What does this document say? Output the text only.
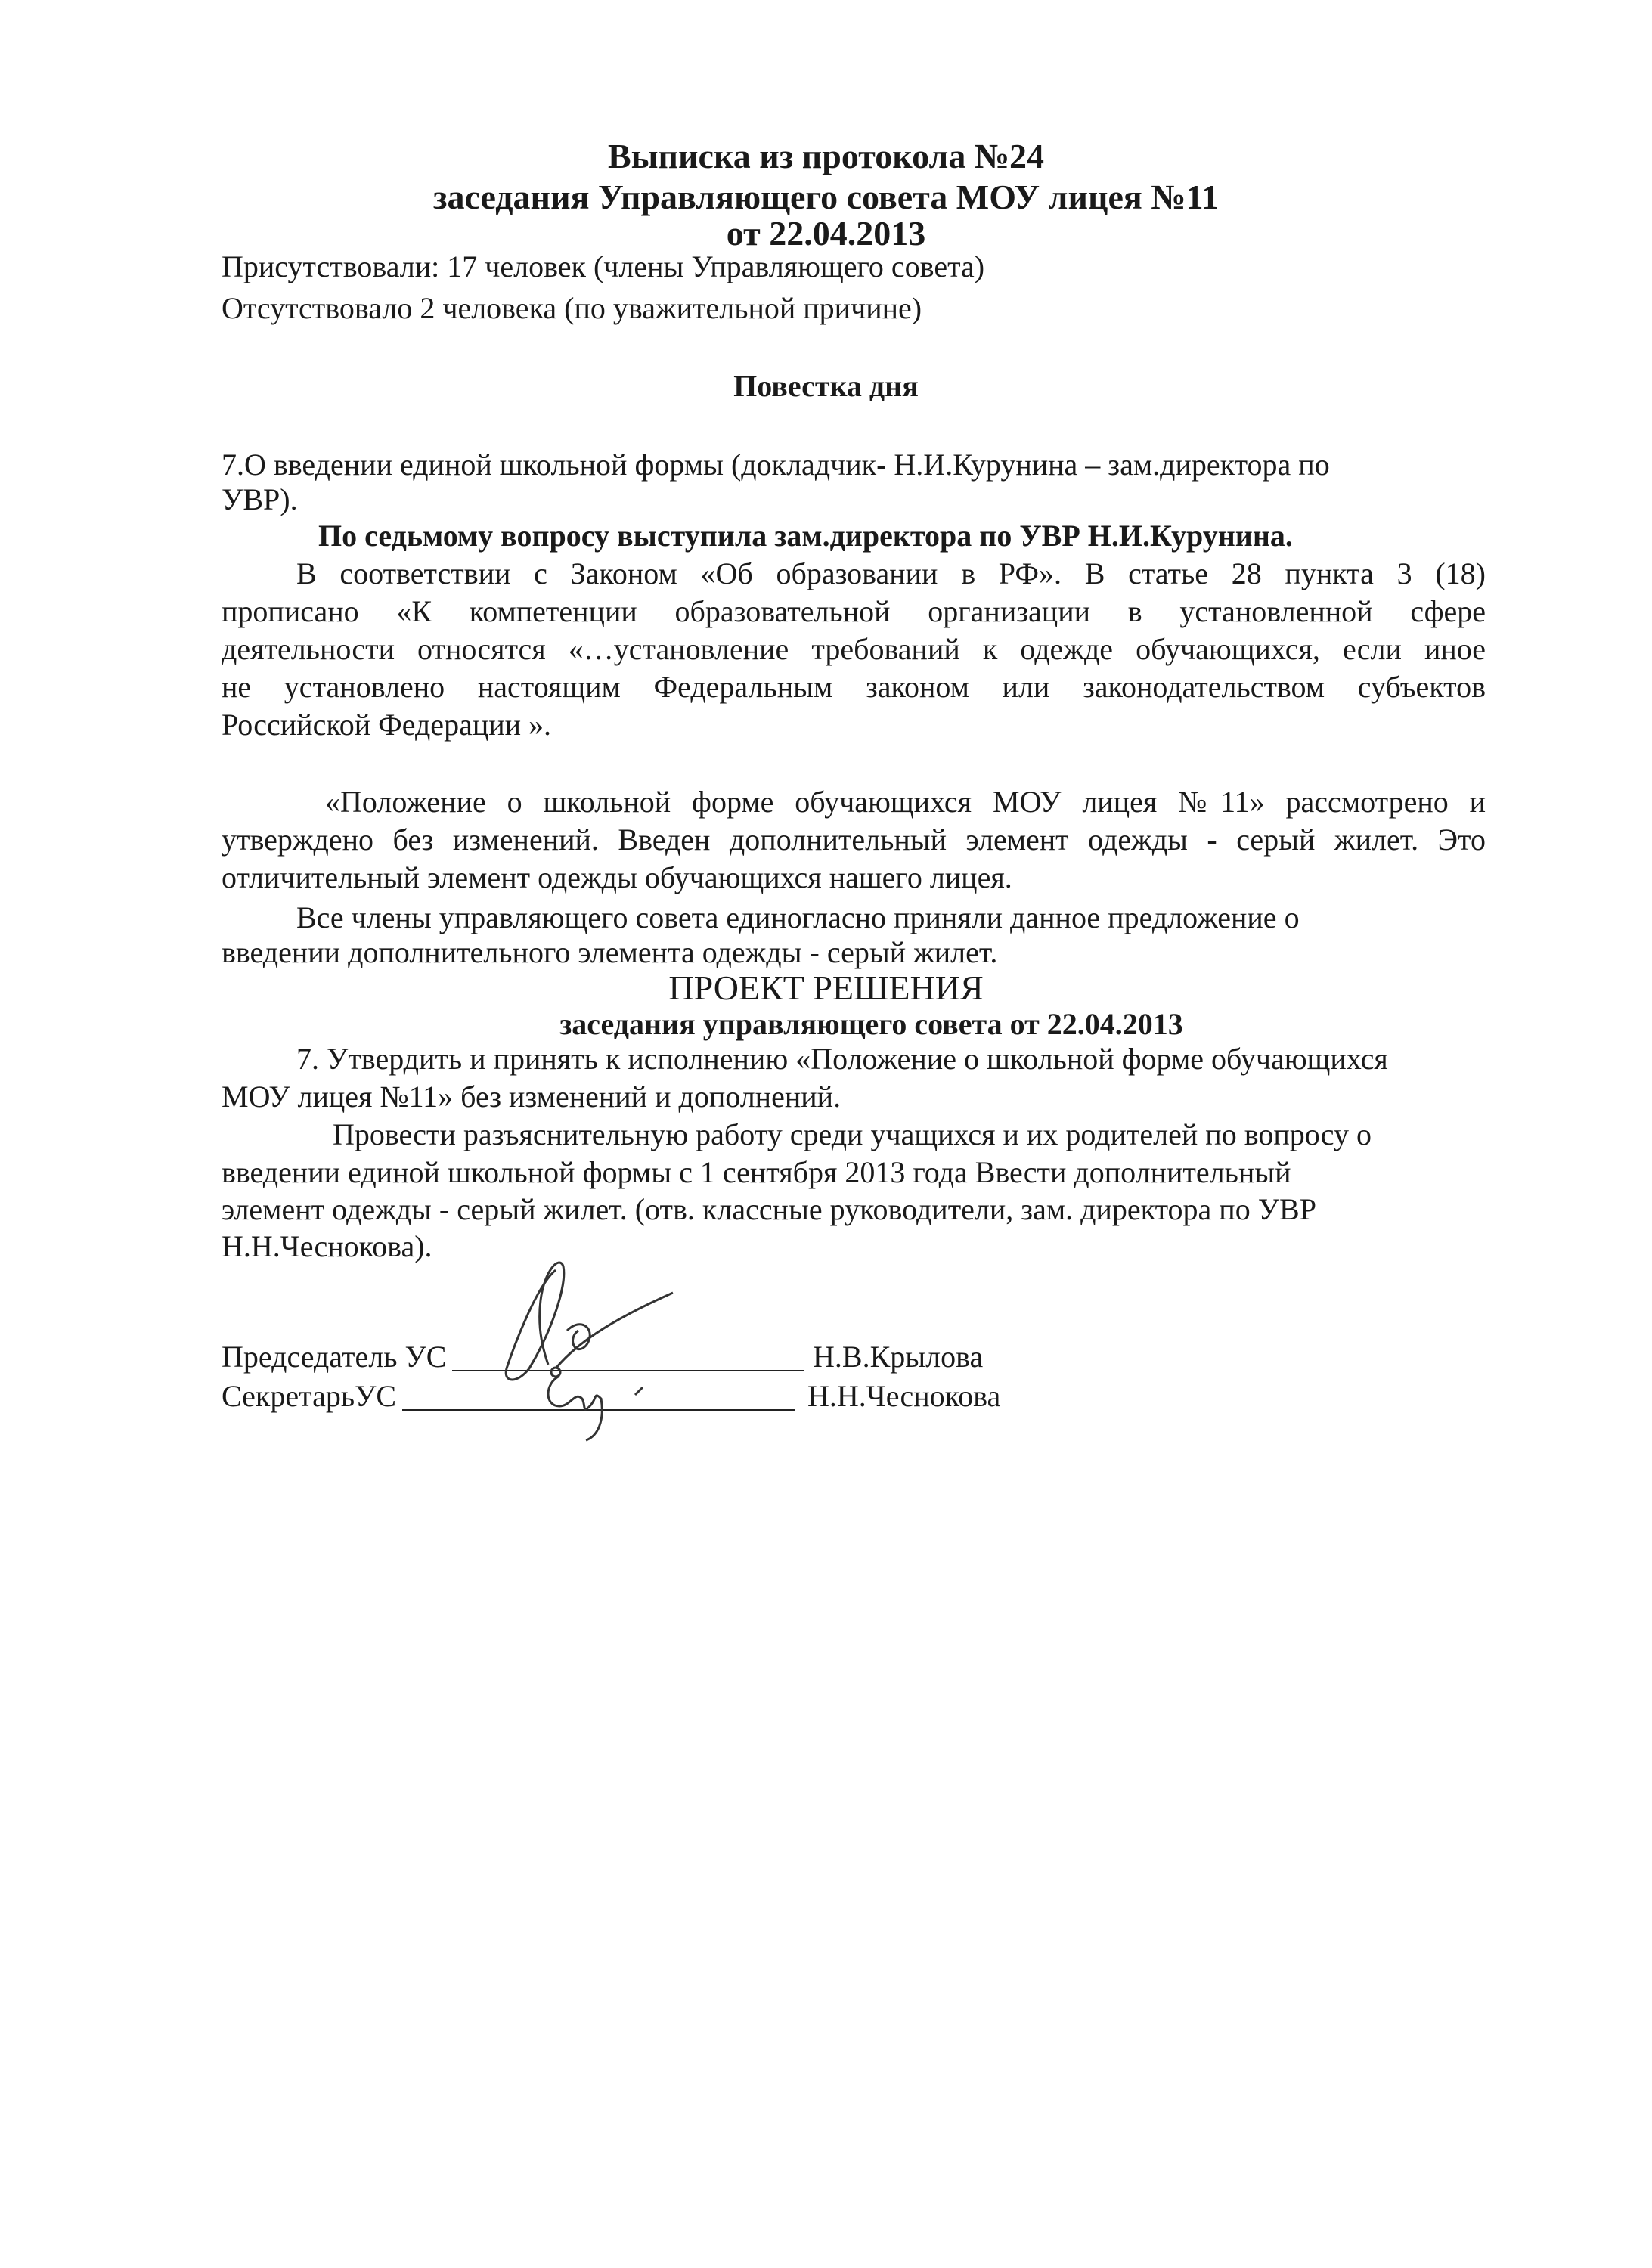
Выписка из протокола №24
заседания Управляющего совета МОУ лицея №11
от 22.04.2013
Присутствовали: 17 человек (члены Управляющего совета)
Отсутствовало 2 человека (по уважительной причине)
Повестка дня
7.О введении единой школьной формы (докладчик- Н.И.Курунина – зам.директора по
УВР).
По седьмому вопросу выступила зам.директора по УВР Н.И.Курунина.
В соответствии с Законом «Об образовании в РФ». В статье 28 пункта 3 (18)
прописано «К компетенции образовательной организации в установленной сфере
деятельности относятся «…установление требований к одежде обучающихся, если иное
не установлено настоящим Федеральным законом или законодательством субъектов
Российской Федерации ».
«Положение о школьной форме обучающихся МОУ лицея №11» рассмотрено и
утверждено без изменений. Введен дополнительный элемент одежды - серый жилет. Это
отличительный элемент одежды обучающихся нашего лицея.
Все члены управляющего совета единогласно приняли данное предложение о
введении дополнительного элемента одежды - серый жилет.
ПРОЕКТ РЕШЕНИЯ
заседания управляющего совета от 22.04.2013
7. Утвердить и принять к исполнению «Положение о школьной форме обучающихся
МОУ лицея №11» без изменений и дополнений.
Провести разъяснительную работу среди учащихся и их родителей по вопросу о
введении единой школьной формы с 1 сентября 2013 года Ввести дополнительный
элемент одежды - серый жилет. (отв. классные руководители, зам. директора по УВР
Н.Н.Чеснокова).
Председатель УС	Н.В.Крылова
СекретарьУС	Н.Н.Чеснокова
